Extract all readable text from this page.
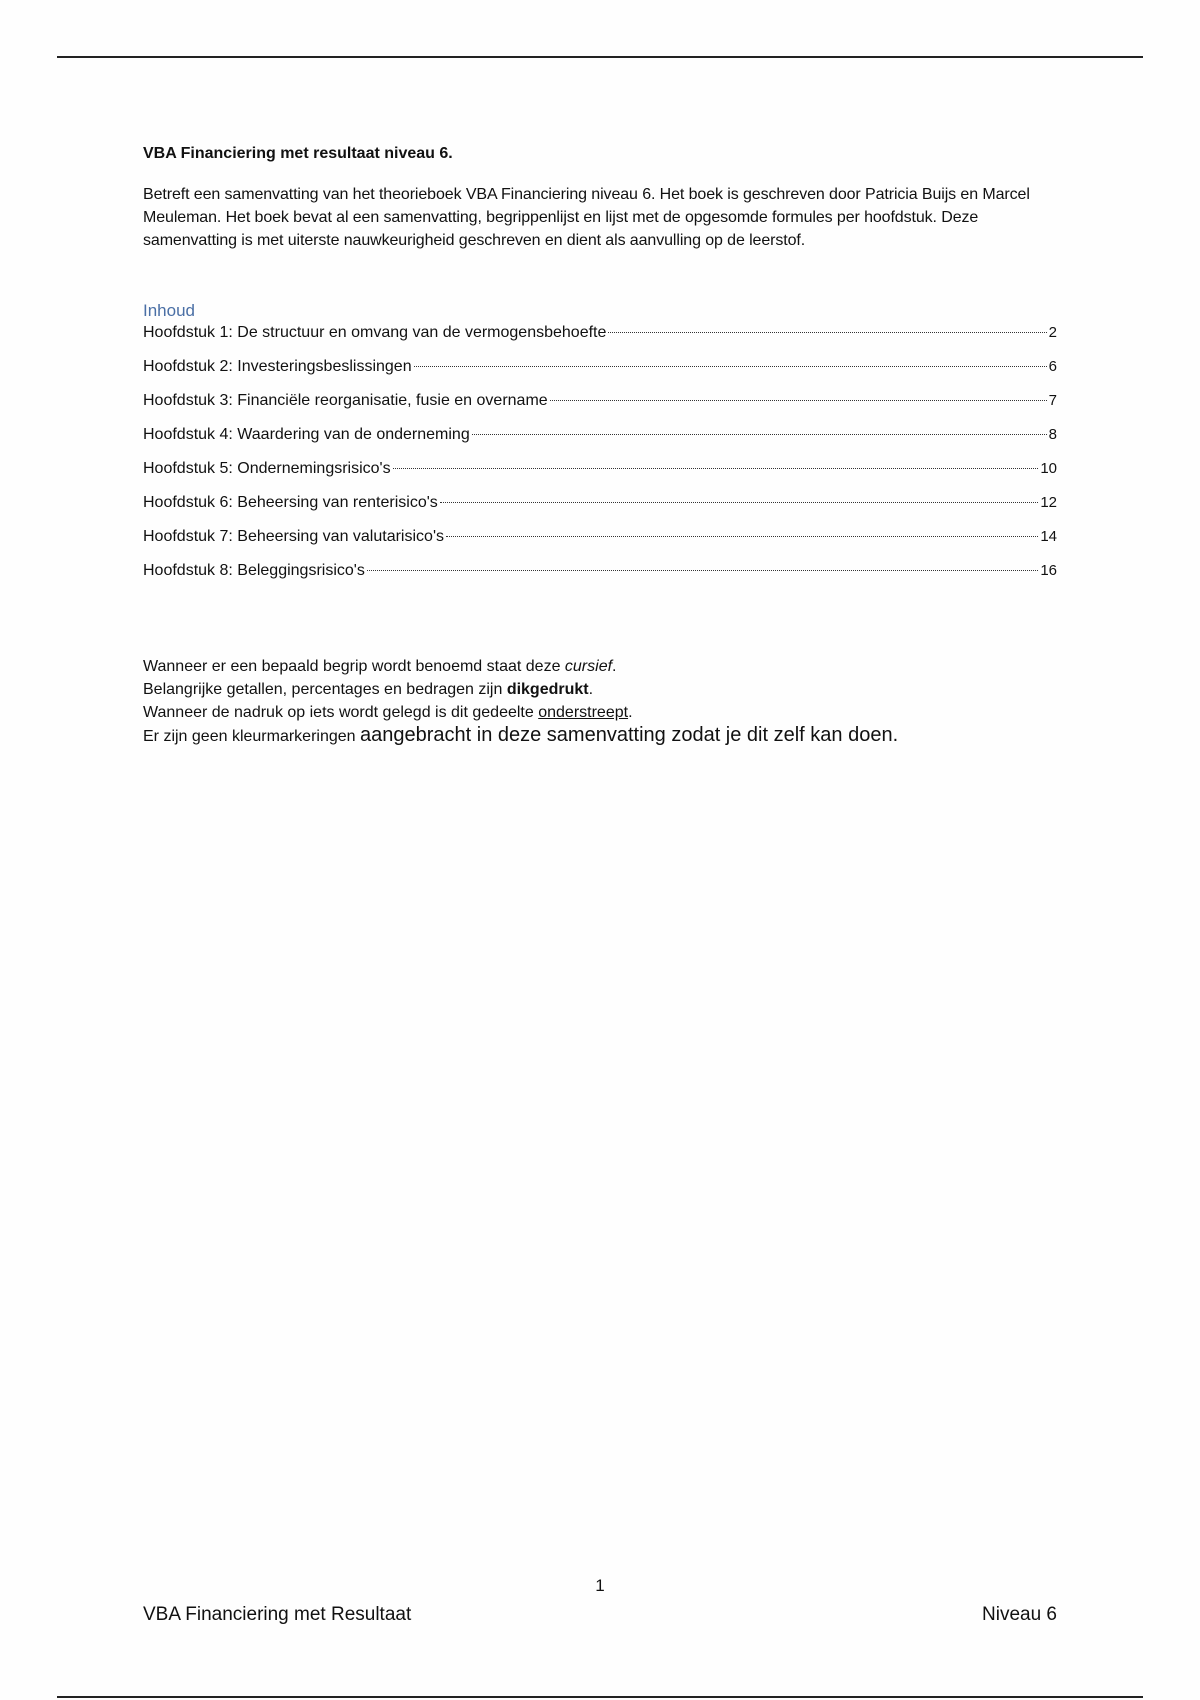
VBA Financiering met resultaat niveau 6.

Betreft een samenvatting van het theorieboek VBA Financiering niveau 6. Het boek is geschreven door Patricia Buijs en Marcel Meuleman. Het boek bevat al een samenvatting, begrippenlijst en lijst met de opgesomde formules per hoofdstuk. Deze samenvatting is met uiterste nauwkeurigheid geschreven en dient als aanvulling op de leerstof.

Inhoud
Hoofdstuk 1: De structuur en omvang van de vermogensbehoefte	2
Hoofdstuk 2: Investeringsbeslissingen	6
Hoofdstuk 3: Financiële reorganisatie, fusie en overname	7
Hoofdstuk 4: Waardering van de onderneming	8
Hoofdstuk 5: Ondernemingsrisico's	10
Hoofdstuk 6: Beheersing van renterisico's	12
Hoofdstuk 7: Beheersing van valutarisico's	14
Hoofdstuk 8: Beleggingsrisico's	16

Wanneer er een bepaald begrip wordt benoemd staat deze cursief.

Belangrijke getallen, percentages en bedragen zijn dikgedrukt.

Wanneer de nadruk op iets wordt gelegd is dit gedeelte onderstreept.

Er zijn geen kleurmarkeringen aangebracht in deze samenvatting zodat je dit zelf kan doen.

1
VBA Financiering met Resultaat	Niveau 6
